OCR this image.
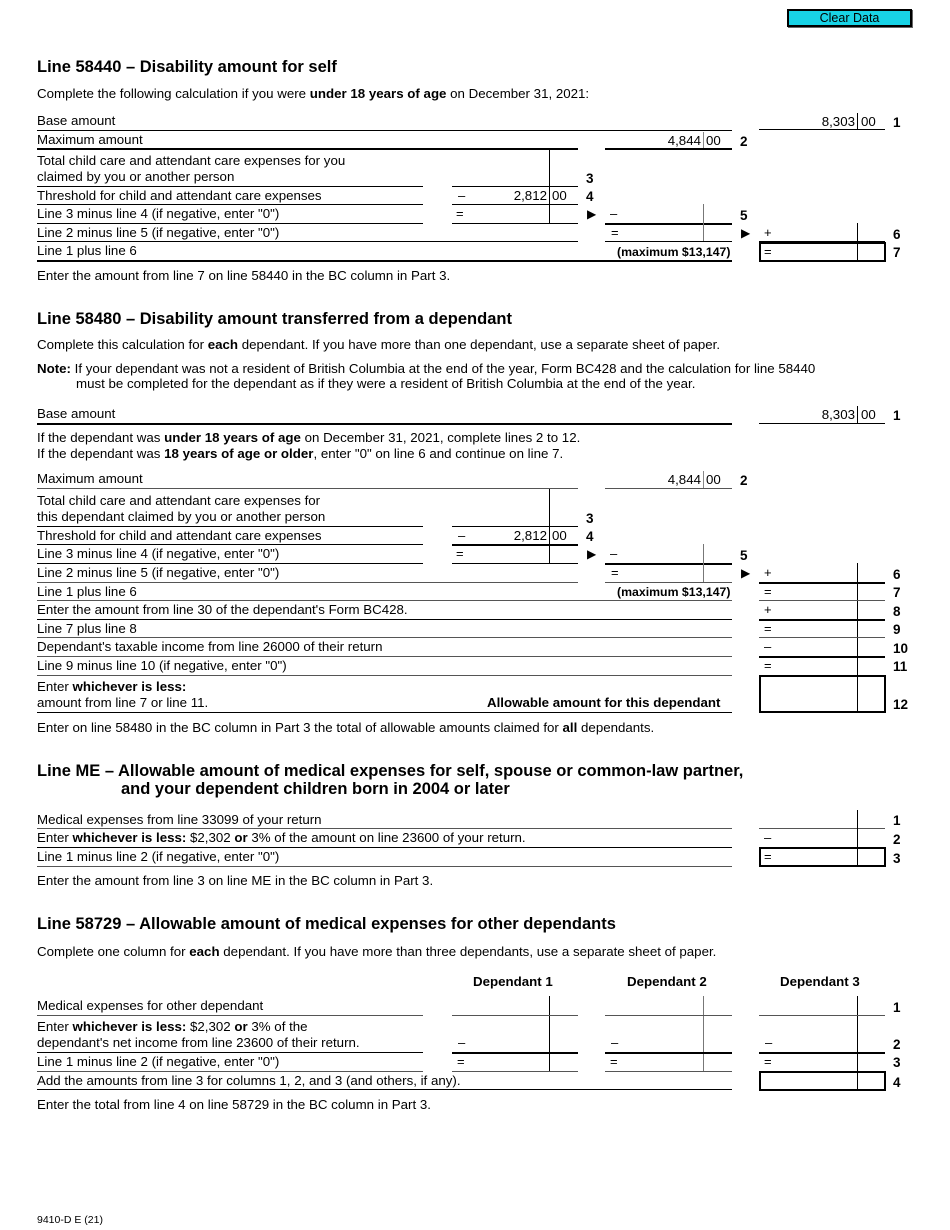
Clear Data
Line 58440 – Disability amount for self
Complete the following calculation if you were under 18 years of age on December 31, 2021:
Base amount	8,303 00 1
Maximum amount	4,844 00 2
Total child care and attendant care expenses for you
claimed by you or another person	3
Threshold for child and attendant care expenses	–	2,812 00 4
Line 3 minus line 4 (if negative, enter "0")	=	▶ –	5
Line 2 minus line 5 (if negative, enter "0")	=	▶ +	6
Line 1 plus line 6	(maximum $13,147)	=	7
Enter the amount from line 7 on line 58440 in the BC column in Part 3.
Line 58480 – Disability amount transferred from a dependant
Complete this calculation for each dependant. If you have more than one dependant, use a separate sheet of paper.
Note: If your dependant was not a resident of British Columbia at the end of the year, Form BC428 and the calculation for line 58440
must be completed for the dependant as if they were a resident of British Columbia at the end of the year.
Base amount	8,303 00 1
If the dependant was under 18 years of age on December 31, 2021, complete lines 2 to 12.
If the dependant was 18 years of age or older, enter "0" on line 6 and continue on line 7.
Maximum amount	4,844 00 2
Total child care and attendant care expenses for
this dependant claimed by you or another person	3
Threshold for child and attendant care expenses	–	2,812 00 4
Line 3 minus line 4 (if negative, enter "0")	=	▶ –	5
Line 2 minus line 5 (if negative, enter "0")	=	▶ +	6
Line 1 plus line 6	(maximum $13,147)	=	7
Enter the amount from line 30 of the dependant's Form BC428.	+	8
Line 7 plus line 8	=	9
Dependant's taxable income from line 26000 of their return	–	10
Line 9 minus line 10 (if negative, enter "0")	=	11
Enter whichever is less:
amount from line 7 or line 11.	Allowable amount for this dependant	12
Enter on line 58480 in the BC column in Part 3 the total of allowable amounts claimed for all dependants.
Line ME – Allowable amount of medical expenses for self, spouse or common-law partner,
and your dependent children born in 2004 or later
Medical expenses from line 33099 of your return	1
Enter whichever is less: $2,302 or 3% of the amount on line 23600 of your return.	–	2
Line 1 minus line 2 (if negative, enter "0")	=	3
Enter the amount from line 3 on line ME in the BC column in Part 3.
Line 58729 – Allowable amount of medical expenses for other dependants
Complete one column for each dependant. If you have more than three dependants, use a separate sheet of paper.
Dependant 1	Dependant 2	Dependant 3
Medical expenses for other dependant	1
Enter whichever is less: $2,302 or 3% of the
dependant's net income from line 23600 of their return.	–	–	–	2
Line 1 minus line 2 (if negative, enter "0")	=	=	=	3
Add the amounts from line 3 for columns 1, 2, and 3 (and others, if any).	4
Enter the total from line 4 on line 58729 in the BC column in Part 3.
9410-D E (21)
